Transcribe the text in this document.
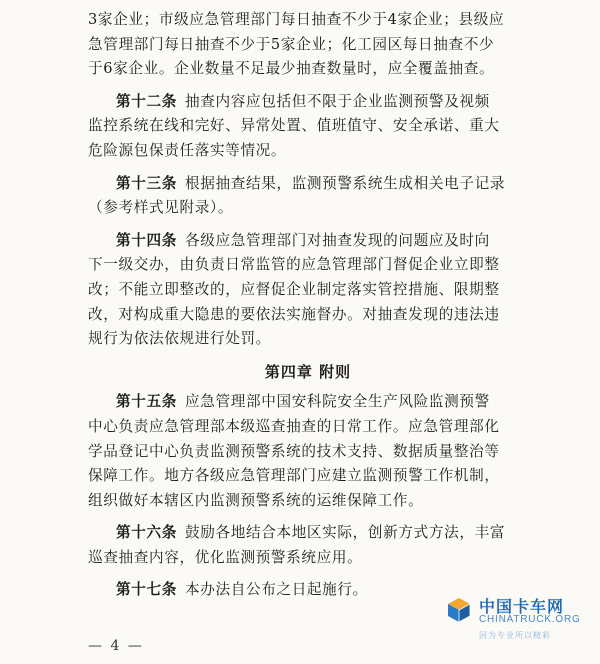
3家企业；市级应急管理部门每日抽查不少于4家企业；县级应
急管理部门每日抽查不少于5家企业；化工园区每日抽查不少
于6家企业。企业数量不足最少抽查数量时，应全覆盖抽查。
第十二条 抽查内容应包括但不限于企业监测预警及视频
监控系统在线和完好、异常处置、值班值守、安全承诺、重大
危险源包保责任落实等情况。
第十三条 根据抽查结果，监测预警系统生成相关电子记录
（参考样式见附录）。
第十四条 各级应急管理部门对抽查发现的问题应及时向
下一级交办，由负责日常监管的应急管理部门督促企业立即整
改；不能立即整改的，应督促企业制定落实管控措施、限期整
改，对构成重大隐患的要依法实施督办。对抽查发现的违法违
规行为依法依规进行处罚。
第四章 附则
第十五条 应急管理部中国安科院安全生产风险监测预警
中心负责应急管理部本级巡查抽查的日常工作。应急管理部化
学品登记中心负责监测预警系统的技术支持、数据质量整治等
保障工作。地方各级应急管理部门应建立监测预警工作机制，
组织做好本辖区内监测预警系统的运维保障工作。
第十六条 鼓励各地结合本地区实际，创新方式方法，丰富
巡查抽查内容，优化监测预警系统应用。
第十七条 本办法自公布之日起施行。
— 4 —
中国卡车网
CHINATRUCK.ORG
因为专业所以精彩
